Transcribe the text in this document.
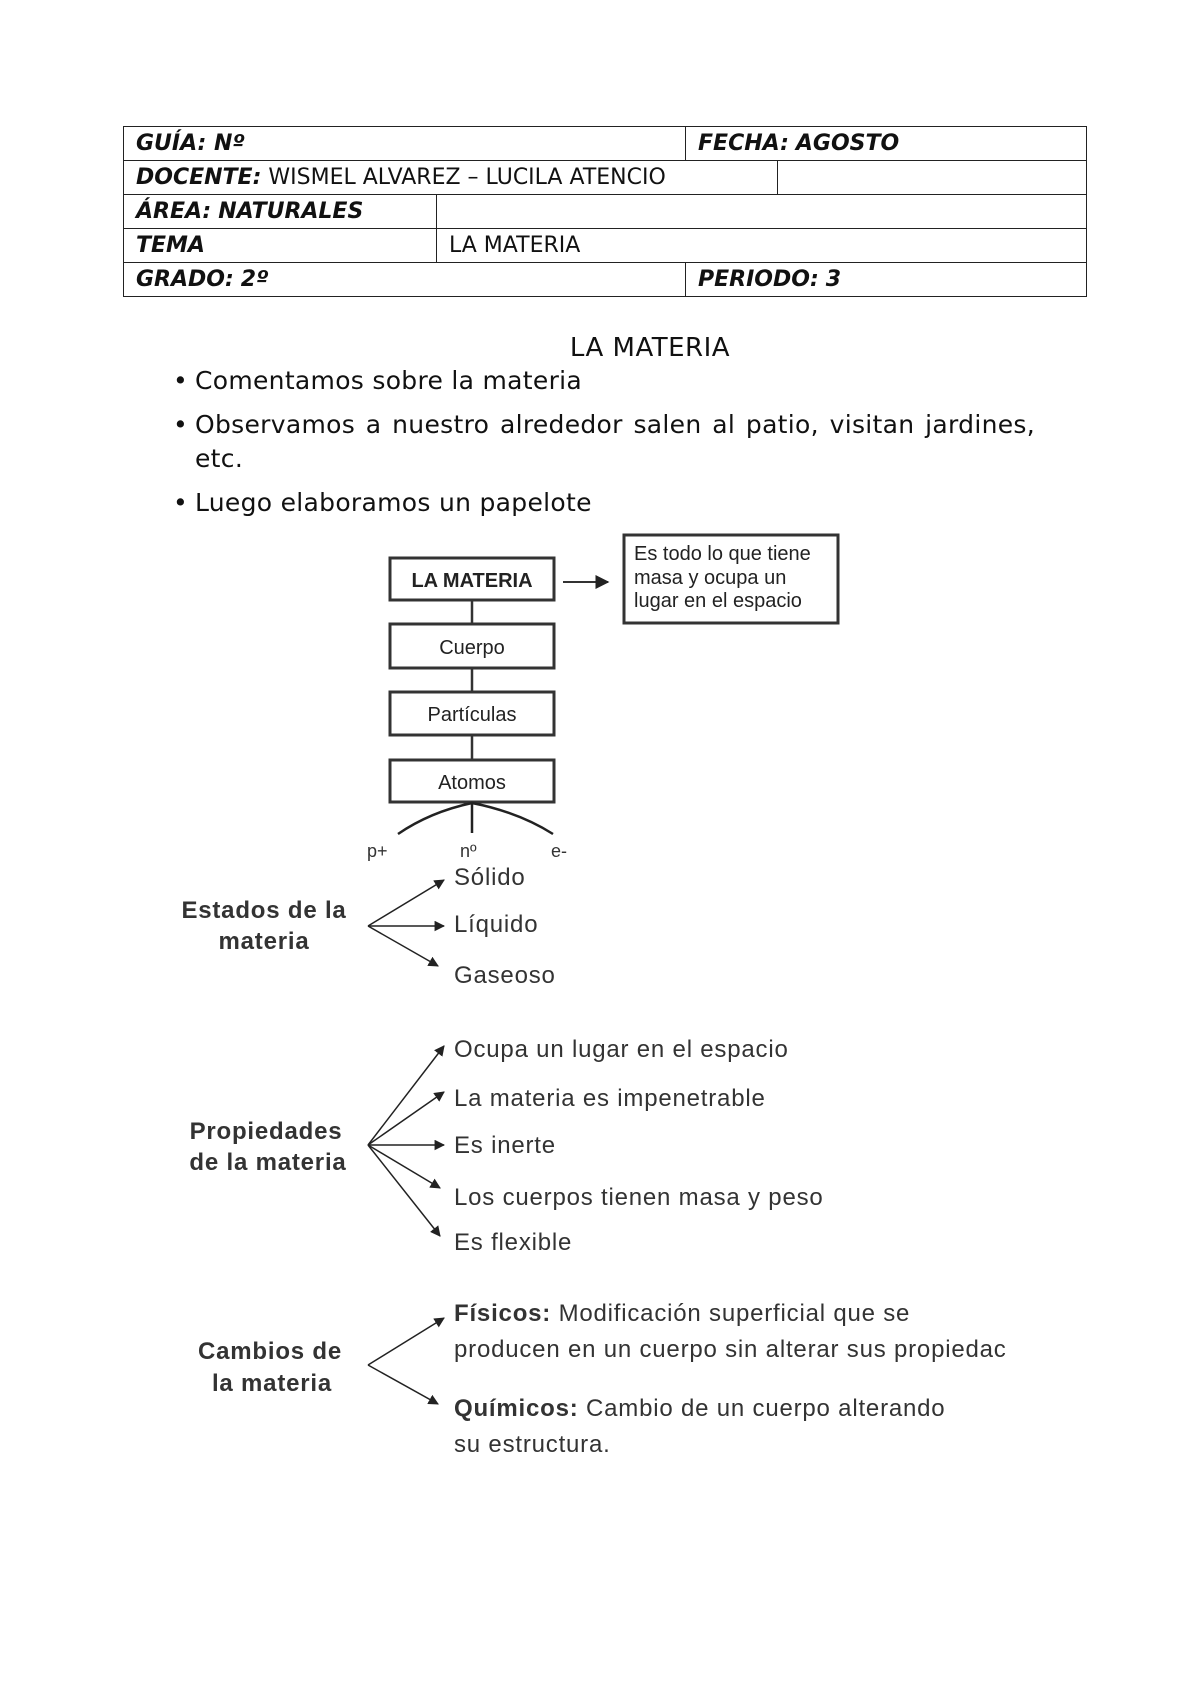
GUÍA: Nº		FECHA: AGOSTO	
DOCENTE: WISMEL ALVAREZ – LUCILA ATENCIO			
ÁREA: NATURALES			
TEMA	LA MATERIA		
GRADO: 2º		PERIODO: 3	
LA MATERIA
• Comentamos sobre la materia
• Observamos a nuestro alrededor salen al patio, visitan jardines, etc.
• Luego elaboramos un papelote
LA MATERIA
Cuerpo
Partículas
Atomos
Es todo lo que tiene
masa y ocupa un
lugar en el espacio
p+	nº	e-
Estados de la
materia
Sólido
Líquido
Gaseoso
Propiedades
de la materia
Ocupa un lugar en el espacio
La materia es impenetrable
Es inerte
Los cuerpos tienen masa y peso
Es flexible
Cambios de
la materia
Físicos: Modificación superficial que se
producen en un cuerpo sin alterar sus propiedac
Químicos: Cambio de un cuerpo alterando
su estructura.
